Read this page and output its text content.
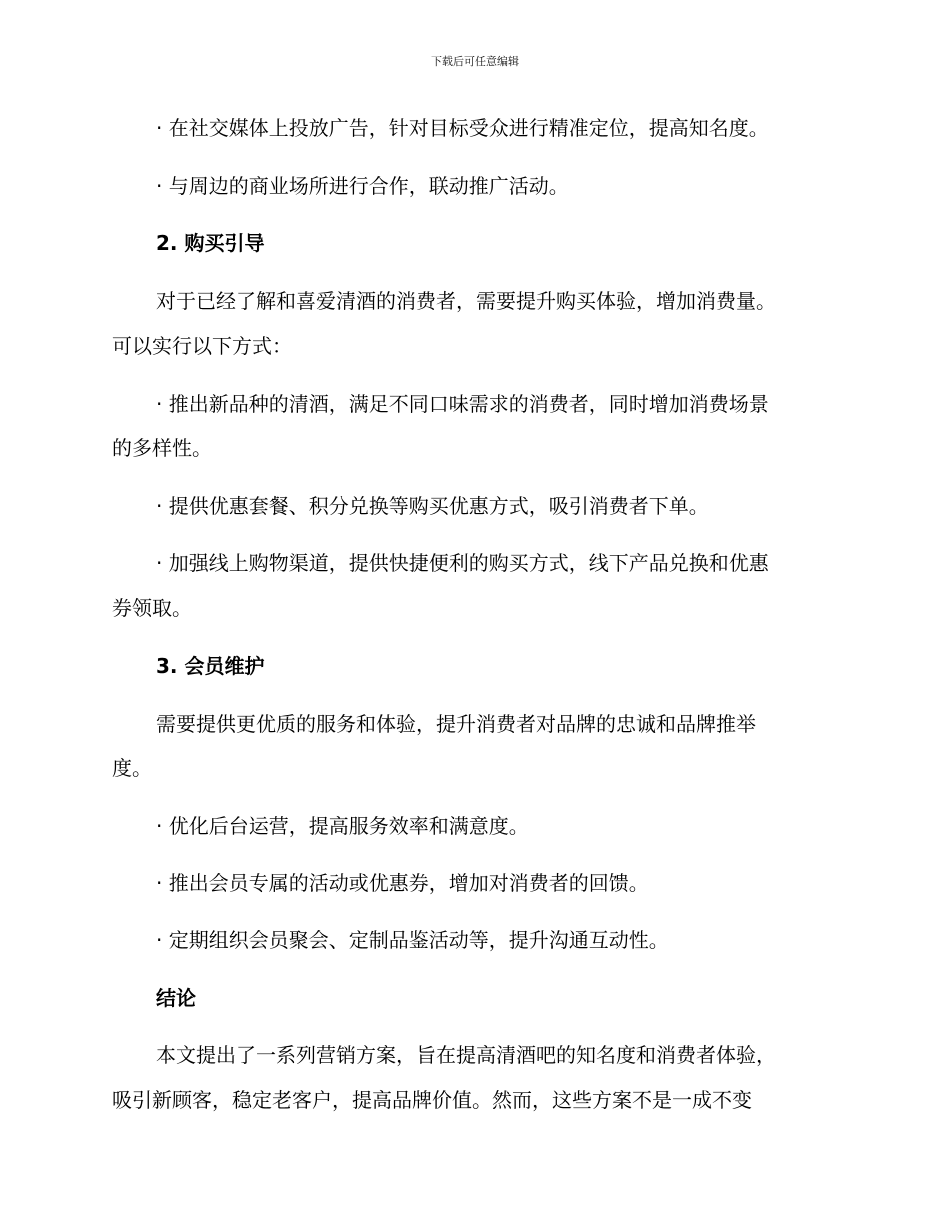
下载后可任意编辑
· 在社交媒体上投放广告，针对目标受众进行精准定位，提高知名度。
· 与周边的商业场所进行合作，联动推广活动。
2. 购买引导
对于已经了解和喜爱清酒的消费者，需要提升购买体验，增加消费量。
可以实行以下方式：
· 推出新品种的清酒，满足不同口味需求的消费者，同时增加消费场景
的多样性。
· 提供优惠套餐、积分兑换等购买优惠方式，吸引消费者下单。
· 加强线上购物渠道，提供快捷便利的购买方式，线下产品兑换和优惠
券领取。
3. 会员维护
需要提供更优质的服务和体验，提升消费者对品牌的忠诚和品牌推举
度。
· 优化后台运营，提高服务效率和满意度。
· 推出会员专属的活动或优惠券，增加对消费者的回馈。
· 定期组织会员聚会、定制品鉴活动等，提升沟通互动性。
结论
本文提出了一系列营销方案，旨在提高清酒吧的知名度和消费者体验，
吸引新顾客，稳定老客户，提高品牌价值。然而，这些方案不是一成不变
